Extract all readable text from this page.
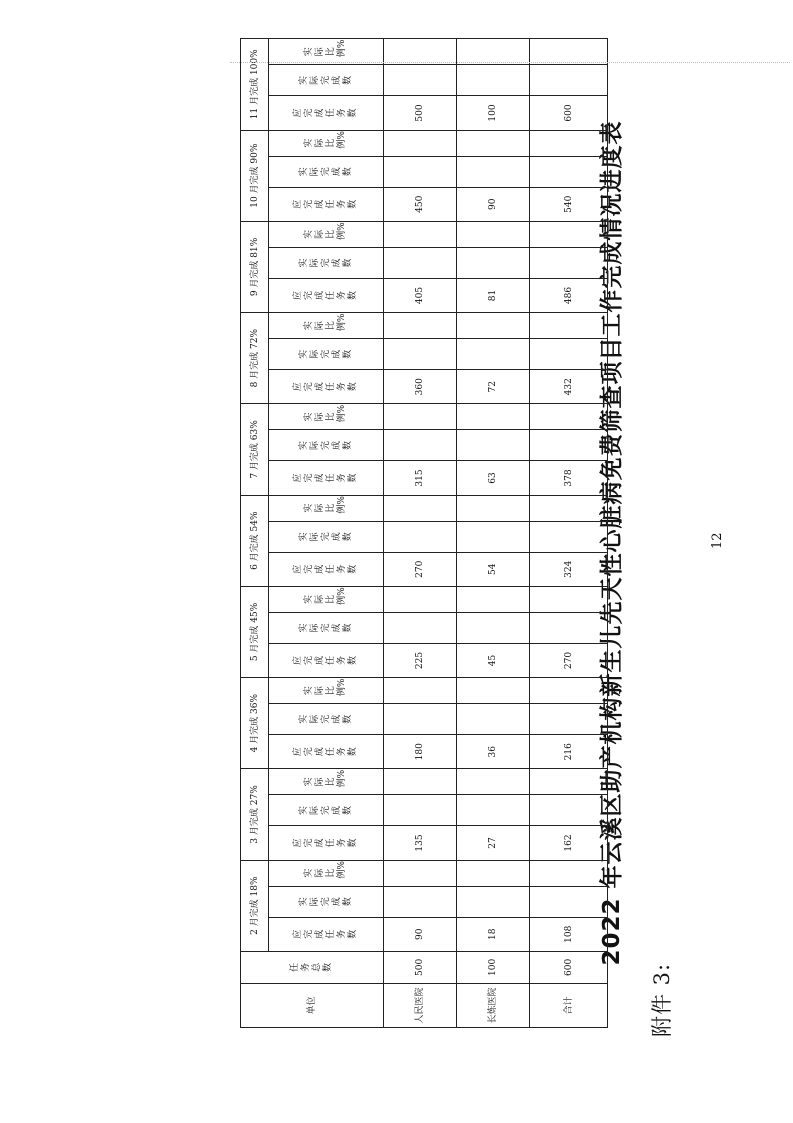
附件 3:
2022 年云溪区助产机构新生儿先天性心脏病免费筛查项目工作完成情况进度表
单位	任务总数	2 月完成 18%			3 月完成 27%			4 月完成 36%			5 月完成 45%			6 月完成 54%			7 月完成 63%			8 月完成 72%			9 月完成 81%			10 月完成 90%			11 月完成 100%		
		应完成任务数	实际完成数	实际比例%	应完成任务数	实际完成数	实际比例%	应完成任务数	实际完成数	实际比例%	应完成任务数	实际完成数	实际比例%	应完成任务数	实际完成数	实际比例%	应完成任务数	实际完成数	实际比例%	应完成任务数	实际完成数	实际比例%	应完成任务数	实际完成数	实际比例%	应完成任务数	实际完成数	实际比例%	应完成任务数	实际完成数	实际比例%
人民医院	500	90			135			180			225			270			315			360			405			450			500		
长炼医院	100	18			27			36			45			54			63			72			81			90			100		
合计	600	108			162			216			270			324			378			432			486			540			600		
12
